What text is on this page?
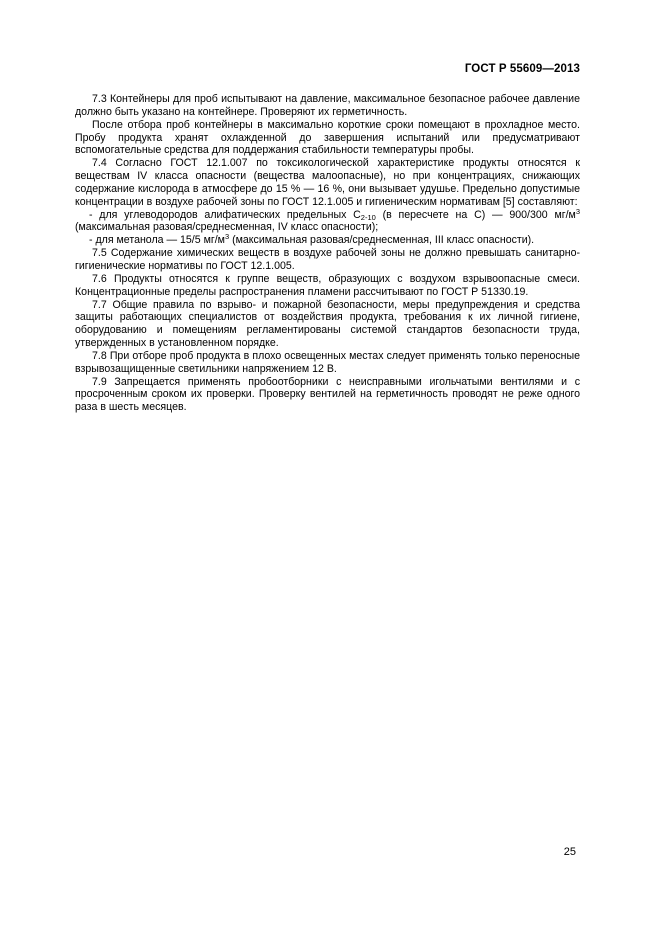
ГОСТ Р 55609—2013

7.3 Контейнеры для проб испытывают на давление, максимальное безопасное рабочее давление должно быть указано на контейнере. Проверяют их герметичность.

После отбора проб контейнеры в максимально короткие сроки помещают в прохладное место. Пробу продукта хранят охлажденной до завершения испытаний или предусматривают вспомогательные средства для поддержания стабильности температуры пробы.

7.4 Согласно ГОСТ 12.1.007 по токсикологической характеристике продукты относятся к веществам IV класса опасности (вещества малоопасные), но при концентрациях, снижающих содержание кислорода в атмосфере до 15 % — 16 %, они вызывает удушье. Предельно допустимые концентрации в воздухе рабочей зоны по ГОСТ 12.1.005 и гигиеническим нормативам [5] составляют:

- для углеводородов алифатических предельных $С_{2-10}$ (в пересчете на С) — 900/300 $мг/м^3$ (максимальная разовая/среднесменная, IV класс опасности);

- для метанола — 15/5 $мг/м^3$ (максимальная разовая/среднесменная, III класс опасности).

7.5 Содержание химических веществ в воздухе рабочей зоны не должно превышать санитарно-гигиенические нормативы по ГОСТ 12.1.005.

7.6 Продукты относятся к группе веществ, образующих с воздухом взрывоопасные смеси. Концентрационные пределы распространения пламени рассчитывают по ГОСТ Р 51330.19.

7.7 Общие правила по взрыво- и пожарной безопасности, меры предупреждения и средства защиты работающих специалистов от воздействия продукта, требования к их личной гигиене, оборудованию и помещениям регламентированы системой стандартов безопасности труда, утвержденных в установленном порядке.

7.8 При отборе проб продукта в плохо освещенных местах следует применять только переносные взрывозащищенные светильники напряжением 12 В.

7.9 Запрещается применять пробоотборники с неисправными игольчатыми вентилями и с просроченным сроком их проверки. Проверку вентилей на герметичность проводят не реже одного раза в шесть месяцев.

25
